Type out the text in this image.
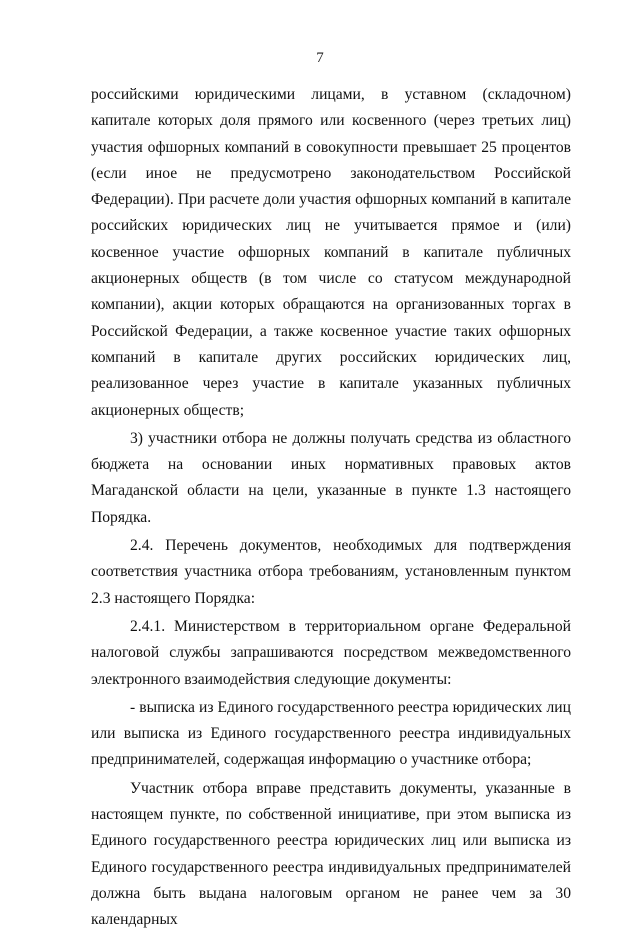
7

российскими юридическими лицами, в уставном (складочном) капитале которых доля прямого или косвенного (через третьих лиц) участия офшорных компаний в совокупности превышает 25 процентов (если иное не предусмотрено законодательством Российской Федерации). При расчете доли участия офшорных компаний в капитале российских юридических лиц не учитывается прямое и (или) косвенное участие офшорных компаний в капитале публичных акционерных обществ (в том числе со статусом международной компании), акции которых обращаются на организованных торгах в Российской Федерации, а также косвенное участие таких офшорных компаний в капитале других российских юридических лиц, реализованное через участие в капитале указанных публичных акционерных обществ;

3) участники отбора не должны получать средства из областного бюджета на основании иных нормативных правовых актов Магаданской области на цели, указанные в пункте 1.3 настоящего Порядка.

2.4. Перечень документов, необходимых для подтверждения соответствия участника отбора требованиям, установленным пунктом 2.3 настоящего Порядка:

2.4.1. Министерством в территориальном органе Федеральной налоговой службы запрашиваются посредством межведомственного электронного взаимодействия следующие документы:

- выписка из Единого государственного реестра юридических лиц или выписка из Единого государственного реестра индивидуальных предпринимателей, содержащая информацию о участнике отбора;

Участник отбора вправе представить документы, указанные в настоящем пункте, по собственной инициативе, при этом выписка из Единого государственного реестра юридических лиц или выписка из Единого государственного реестра индивидуальных предпринимателей должна быть выдана налоговым органом не ранее чем за 30 календарных
